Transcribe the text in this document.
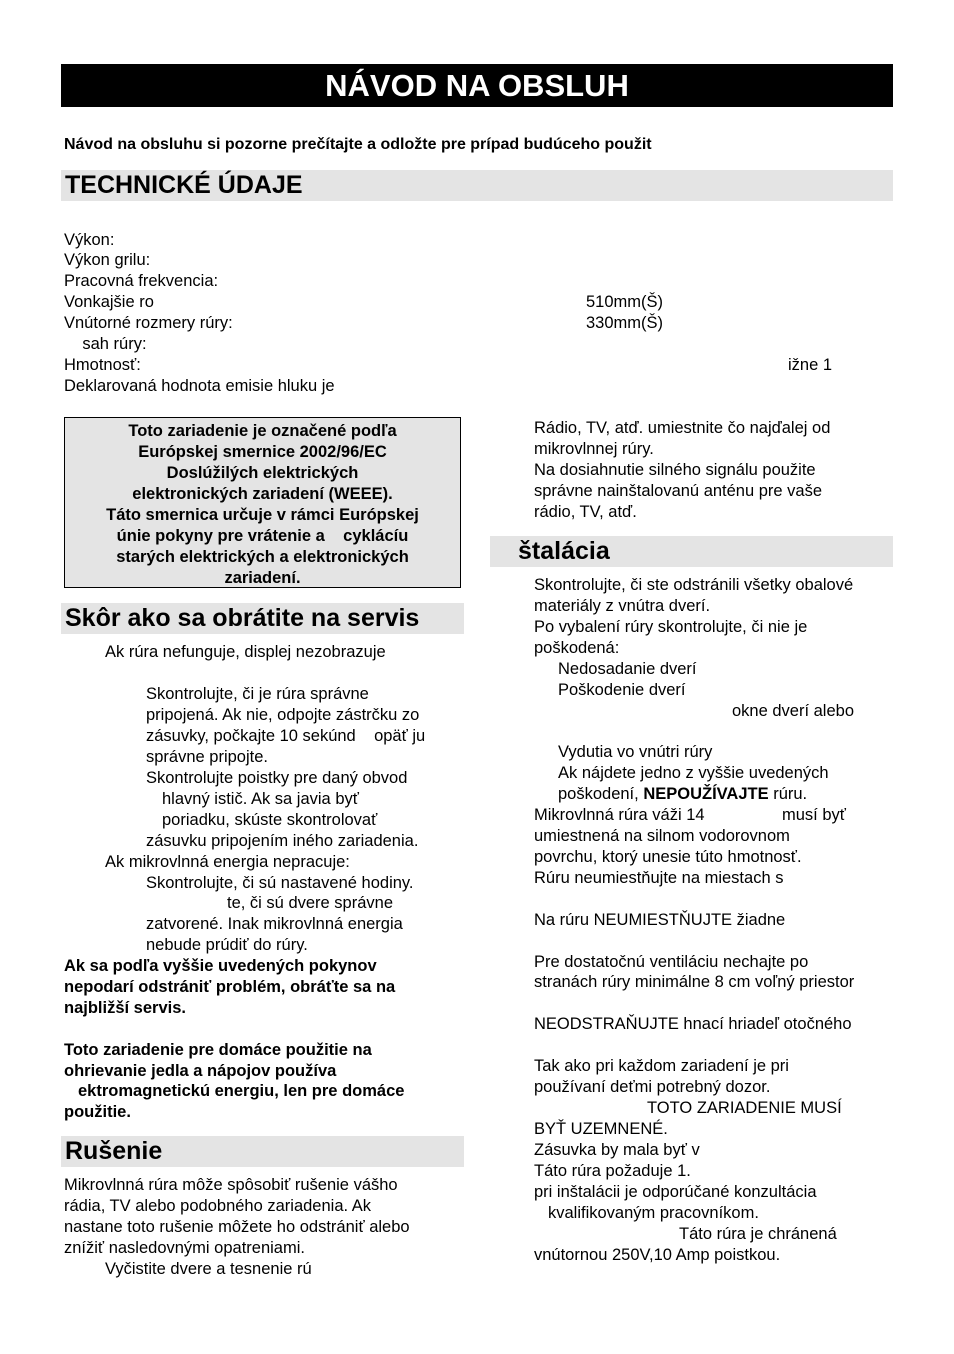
NÁVOD NA OBSLUH
Návod na obsluhu si pozorne prečítajte a odložte pre prípad budúceho použit
TECHNICKÉ ÚDAJE
Výkon:
Výkon grilu:
Pracovná frekvencia:
Vonkajšie ro	510mm(Š)
Vnútorné rozmery rúry:	330mm(Š)
sah rúry:
Hmotnosť:	ižne 1
Deklarovaná hodnota emisie hluku je
Toto zariadenie je označené podľa
Európskej smernice 2002/96/EC
Doslúžilých elektrických
elektronických zariadení (WEEE).
Táto smernica určuje v rámci Európskej
únie pokyny pre vrátenie a    cyklácíu
starých elektrických a elektronických
zariadení.
Skôr ako sa obrátite na servis
Ak rúra nefunguje, displej nezobrazuje
Skontrolujte, či je rúra správne
pripojená. Ak nie, odpojte zástrčku zo
zásuvky, počkajte 10 sekúnd    opäť ju
správne pripojte.
Skontrolujte poistky pre daný obvod
hlavný istič. Ak sa javia byť
poriadku, skúste skontrolovať
zásuvku pripojením iného zariadenia.
Ak mikrovlnná energia nepracuje:
Skontrolujte, či sú nastavené hodiny.
te, či sú dvere správne
zatvorené. Inak mikrovlnná energia
nebude prúdiť do rúry.
Ak sa podľa vyššie uvedených pokynov
nepodarí odstrániť problém, obráťte sa na
najbližší servis.
Toto zariadenie pre domáce použitie na
ohrievanie jedla a nápojov používa
ektromagnetickú energiu, len pre domáce
použitie.
Rušenie
Mikrovlnná rúra môže spôsobiť rušenie vášho
rádia, TV alebo podobného zariadenia. Ak
nastane toto rušenie môžete ho odstrániť alebo
znížiť nasledovnými opatreniami.
Vyčistite dvere a tesnenie rú
Rádio, TV, atď. umiestnite čo najďalej od
mikrovlnnej rúry.
Na dosiahnutie silného signálu použite
správne nainštalovanú anténu pre vaše
rádio, TV, atď.
štalácia
Skontrolujte, či ste odstránili všetky obalové
materiály z vnútra dverí.
Po vybalení rúry skontrolujte, či nie je
poškodená:
Nedosadanie dverí
Poškodenie dverí
okne dverí alebo
Vydutia vo vnútri rúry
Ak nájdete jedno z vyššie uvedených
poškodení, NEPOUŽÍVAJTE rúru.
Mikrovlnná rúra váži 14	musí byť
umiestnená na silnom vodorovnom
povrchu, ktorý unesie túto hmotnosť.
Rúru neumiestňujte na miestach s
Na rúru NEUMIESTŇUJTE žiadne
Pre dostatočnú ventiláciu nechajte po
stranách rúry minimálne 8 cm voľný priestor
NEODSTRAŇUJTE hnací hriadeľ otočného
Tak ako pri každom zariadení je pri
používaní deťmi potrebný dozor.
TOTO ZARIADENIE MUSÍ
BYŤ UZEMNENÉ.
Zásuvka by mala byť v
Táto rúra požaduje 1.
pri inštalácii je odporúčané konzultácia
kvalifikovaným pracovníkom.
Táto rúra je chránená
vnútornou 250V,10 Amp poistkou.
